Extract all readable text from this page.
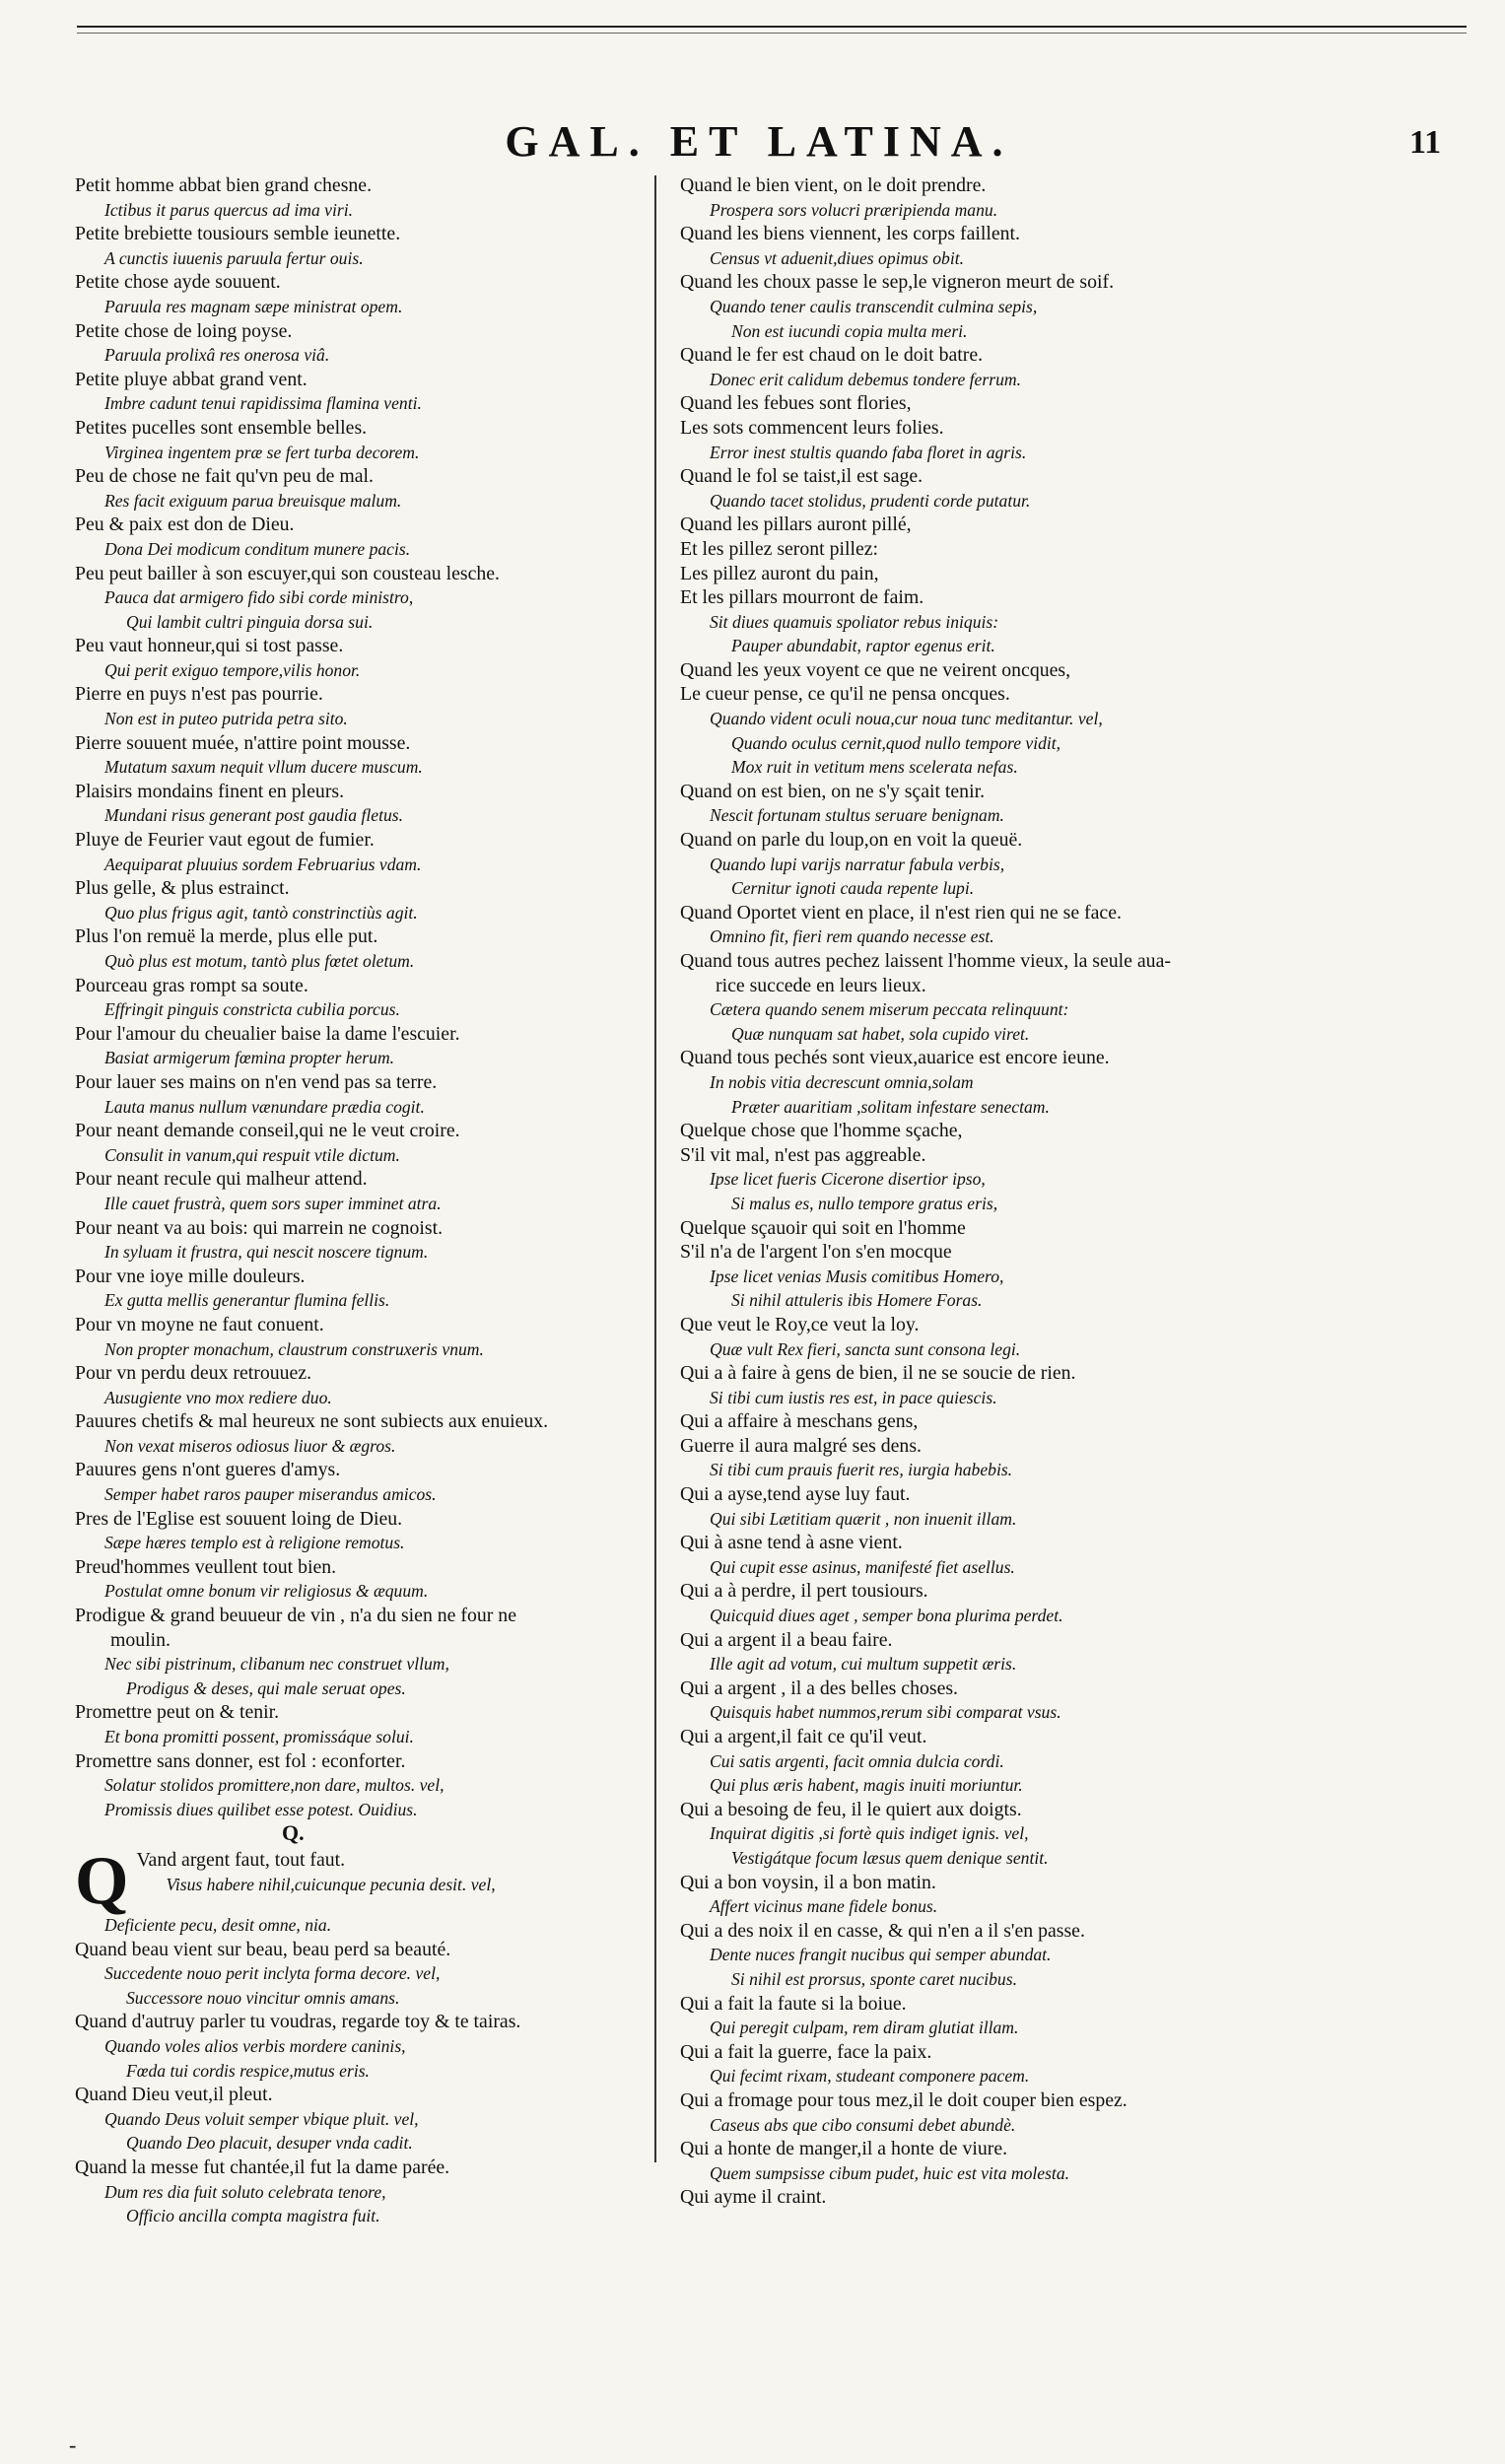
GAL. ET LATINA.	11
Petit homme abbat bien grand chesne.
Ictibus it parus quercus ad ima viri.
Petite brebiette tousiours semble ieunette.
A cunctis iuuenis paruula fertur ouis.
Petite chose ayde souuent.
Paruula res magnam sæpe ministrat opem.
Petite chose de loing poyse.
Paruula prolixâ res onerosa viâ.
Petite pluye abbat grand vent.
Imbre cadunt tenui rapidissima flamina venti.
Petites pucelles sont ensemble belles.
Virginea ingentem præ se fert turba decorem.
Peu de chose ne fait qu'vn peu de mal.
Res facit exiguum parua breuisque malum.
Peu & paix est don de Dieu.
Dona Dei modicum conditum munere pacis.
Peu peut bailler à son escuyer,qui son cousteau lesche.
Pauca dat armigero fido sibi corde ministro,
Qui lambit cultri pinguia dorsa sui.
Peu vaut honneur,qui si tost passe.
Qui perit exiguo tempore,vilis honor.
Pierre en puys n'est pas pourrie.
Non est in puteo putrida petra sito.
Pierre souuent muée, n'attire point mousse.
Mutatum saxum nequit vllum ducere muscum.
Plaisirs mondains finent en pleurs.
Mundani risus generant post gaudia fletus.
Pluye de Feurier vaut egout de fumier.
Aequiparat pluuius sordem Februarius vdam.
Plus gelle, & plus estrainct.
Quo plus frigus agit, tantò constrinctiùs agit.
Plus l'on remuë la merde, plus elle put.
Quò plus est motum, tantò plus fœtet oletum.
Pourceau gras rompt sa soute.
Effringit pinguis constricta cubilia porcus.
Pour l'amour du cheualier baise la dame l'escuier.
Basiat armigerum fœmina propter herum.
Pour lauer ses mains on n'en vend pas sa terre.
Lauta manus nullum vænundare prædia cogit.
Pour neant demande conseil,qui ne le veut croire.
Consulit in vanum,qui respuit vtile dictum.
Pour neant recule qui malheur attend.
Ille cauet frustrà, quem sors super imminet atra.
Pour neant va au bois: qui marrein ne cognoist.
In syluam it frustra, qui nescit noscere tignum.
Pour vne ioye mille douleurs.
Ex gutta mellis generantur flumina fellis.
Pour vn moyne ne faut conuent.
Non propter monachum, claustrum construxeris vnum.
Pour vn perdu deux retrouuez.
Ausugiente vno mox rediere duo.
Pauures chetifs & mal heureux ne sont subiects aux enuieux.
Non vexat miseros odiosus liuor & ægros.
Pauures gens n'ont gueres d'amys.
Semper habet raros pauper miserandus amicos.
Pres de l'Eglise est souuent loing de Dieu.
Sæpe hæres templo est à religione remotus.
Preud'hommes veullent tout bien.
Postulat omne bonum vir religiosus & æquum.
Prodigue & grand beuueur de vin , n'a du sien ne four ne
moulin.
Nec sibi pistrinum, clibanum nec construet vllum,
Prodigus & deses, qui male seruat opes.
Promettre peut on & tenir.
Et bona promitti possent, promissáque solui.
Promettre sans donner, est fol : econforter.
Solatur stolidos promittere,non dare, multos. vel,
Promissis diues quilibet esse potest. Ouidius.
Q.
Q Vand argent faut, tout faut.
Visus habere nihil,cuicunque pecunia desit. vel,
Deficiente pecu, desit omne, nia.
Quand beau vient sur beau, beau perd sa beauté.
Succedente nouo perit inclyta forma decore. vel,
Successore nouo vincitur omnis amans.
Quand d'autruy parler tu voudras, regarde toy & te tairas.
Quando voles alios verbis mordere caninis,
Fœda tui cordis respice,mutus eris.
Quand Dieu veut,il pleut.
Quando Deus voluit semper vbique pluit. vel,
Quando Deo placuit, desuper vnda cadit.
Quand la messe fut chantée,il fut la dame parée.
Dum res dia fuit soluto celebrata tenore,
Officio ancilla compta magistra fuit.
Quand le bien vient, on le doit prendre.
Prospera sors volucri præripienda manu.
Quand les biens viennent, les corps faillent.
Census vt aduenit,diues opimus obit.
Quand les choux passe le sep,le vigneron meurt de soif.
Quando tener caulis transcendit culmina sepis,
Non est iucundi copia multa meri.
Quand le fer est chaud on le doit batre.
Donec erit calidum debemus tondere ferrum.
Quand les febues sont flories,
Les sots commencent leurs folies.
Error inest stultis quando faba floret in agris.
Quand le fol se taist,il est sage.
Quando tacet stolidus, prudenti corde putatur.
Quand les pillars auront pillé,
Et les pillez seront pillez:
Les pillez auront du pain,
Et les pillars mourront de faim.
Sit diues quamuis spoliator rebus iniquis:
Pauper abundabit, raptor egenus erit.
Quand les yeux voyent ce que ne veirent oncques,
Le cueur pense, ce qu'il ne pensa oncques.
Quando vident oculi noua,cur noua tunc meditantur. vel,
Quando oculus cernit,quod nullo tempore vidit,
Mox ruit in vetitum mens scelerata nefas.
Quand on est bien, on ne s'y sçait tenir.
Nescit fortunam stultus seruare benignam.
Quand on parle du loup,on en voit la queuë.
Quando lupi varijs narratur fabula verbis,
Cernitur ignoti cauda repente lupi.
Quand Oportet vient en place, il n'est rien qui ne se face.
Omnino fit, fieri rem quando necesse est.
Quand tous autres pechez laissent l'homme vieux, la seule aua-
rice succede en leurs lieux.
Cætera quando senem miserum peccata relinquunt:
Quæ nunquam sat habet, sola cupido viret.
Quand tous pechés sont vieux,auarice est encore ieune.
In nobis vitia decrescunt omnia,solam
Præter auaritiam ,solitam infestare senectam.
Quelque chose que l'homme sçache,
S'il vit mal, n'est pas aggreable.
Ipse licet fueris Cicerone disertior ipso,
Si malus es, nullo tempore gratus eris,
Quelque sçauoir qui soit en l'homme
S'il n'a de l'argent l'on s'en mocque
Ipse licet venias Musis comitibus Homero,
Si nihil attuleris ibis Homere Foras.
Que veut le Roy,ce veut la loy.
Quæ vult Rex fieri, sancta sunt consona legi.
Qui a à faire à gens de bien, il ne se soucie de rien.
Si tibi cum iustis res est, in pace quiescis.
Qui a affaire à meschans gens,
Guerre il aura malgré ses dens.
Si tibi cum prauis fuerit res, iurgia habebis.
Qui a ayse,tend ayse luy faut.
Qui sibi Lætitiam quærit , non inuenit illam.
Qui à asne tend à asne vient.
Qui cupit esse asinus, manifesté fiet asellus.
Qui a à perdre, il pert tousiours.
Quicquid diues aget , semper bona plurima perdet.
Qui a argent il a beau faire.
Ille agit ad votum, cui multum suppetit æris.
Qui a argent , il a des belles choses.
Quisquis habet nummos,rerum sibi comparat vsus.
Qui a argent,il fait ce qu'il veut.
Cui satis argenti, facit omnia dulcia cordi.
Qui plus æris habent, magis inuiti moriuntur.
Qui a besoing de feu, il le quiert aux doigts.
Inquirat digitis ,si fortè quis indiget ignis. vel,
Vestigátque focum læsus quem denique sentit.
Qui a bon voysin, il a bon matin.
Affert vicinus mane fidele bonus.
Qui a des noix il en casse, & qui n'en a il s'en passe.
Dente nuces frangit nucibus qui semper abundat.
Si nihil est prorsus, sponte caret nucibus.
Qui a fait la faute si la boiue.
Qui peregit culpam, rem diram glutiat illam.
Qui a fait la guerre, face la paix.
Qui fecimt rixam, studeant componere pacem.
Qui a fromage pour tous mez,il le doit couper bien espez.
Caseus abs que cibo consumi debet abundè.
Qui a honte de manger,il a honte de viure.
Quem sumpsisse cibum pudet, huic est vita molesta.
Qui ayme il craint.
-
